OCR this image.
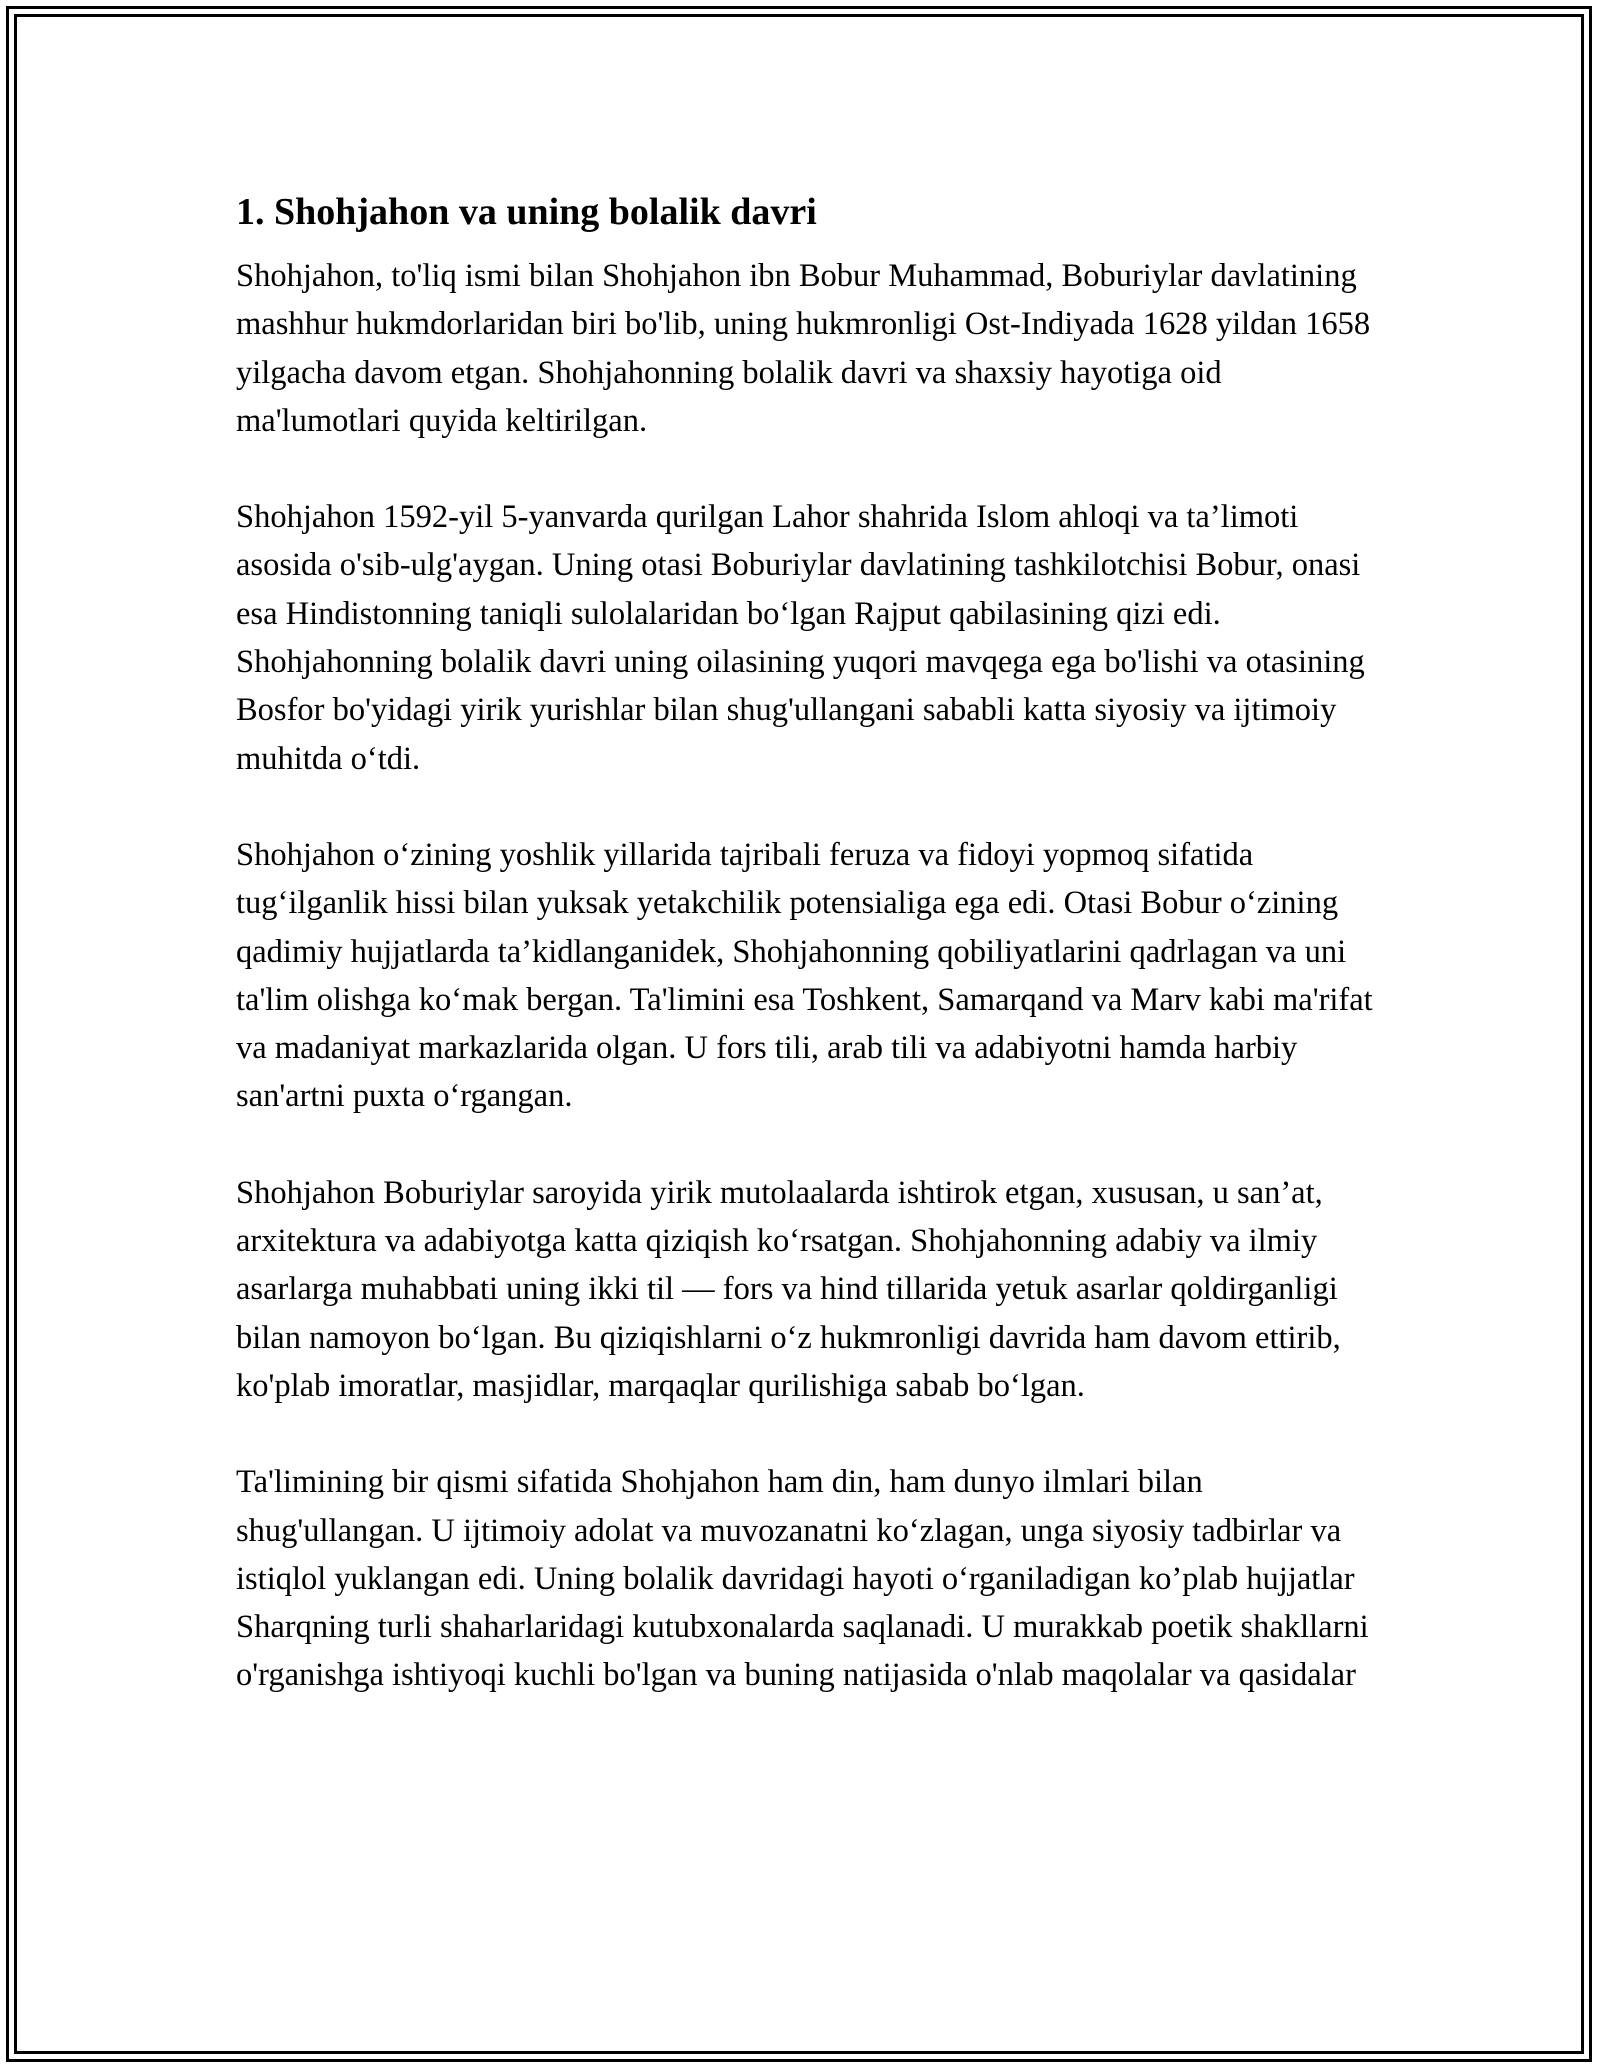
1. Shohjahon va uning bolalik davri

Shohjahon, to'liq ismi bilan Shohjahon ibn Bobur Muhammad, Boburiylar davlatining mashhur hukmdorlaridan biri bo'lib, uning hukmronligi Ost-Indiyada 1628 yildan 1658 yilgacha davom etgan. Shohjahonning bolalik davri va shaxsiy hayotiga oid ma'lumotlari quyida keltirilgan.

Shohjahon 1592-yil 5-yanvarda qurilgan Lahor shahrida Islom ahloqi va ta’limoti asosida o'sib-ulg'aygan. Uning otasi Boburiylar davlatining tashkilotchisi Bobur, onasi esa Hindistonning taniqli sulolalaridan bo‘lgan Rajput qabilasining qizi edi. Shohjahonning bolalik davri uning oilasining yuqori mavqega ega bo'lishi va otasining Bosfor bo'yidagi yirik yurishlar bilan shug'ullangani sababli katta siyosiy va ijtimoiy muhitda o‘tdi.

Shohjahon o‘zining yoshlik yillarida tajribali feruza va fidoyi yopmoq sifatida tug‘ilganlik hissi bilan yuksak yetakchilik potensialiga ega edi. Otasi Bobur o‘zining qadimiy hujjatlarda ta’kidlanganidek, Shohjahonning qobiliyatlarini qadrlagan va uni ta'lim olishga ko‘mak bergan. Ta'limini esa Toshkent, Samarqand va Marv kabi ma'rifat va madaniyat markazlarida olgan. U fors tili, arab tili va adabiyotni hamda harbiy san'artni puxta o‘rgangan.

Shohjahon Boburiylar saroyida yirik mutolaalarda ishtirok etgan, xususan, u san’at, arxitektura va adabiyotga katta qiziqish ko‘rsatgan. Shohjahonning adabiy va ilmiy asarlarga muhabbati uning ikki til — fors va hind tillarida yetuk asarlar qoldirganligi bilan namoyon bo‘lgan. Bu qiziqishlarni o‘z hukmronligi davrida ham davom ettirib, ko'plab imoratlar, masjidlar, marqaqlar qurilishiga sabab bo‘lgan.

Ta'limining bir qismi sifatida Shohjahon ham din, ham dunyo ilmlari bilan shug'ullangan. U ijtimoiy adolat va muvozanatni ko‘zlagan, unga siyosiy tadbirlar va istiqlol yuklangan edi. Uning bolalik davridagi hayoti o‘rganiladigan ko’plab hujjatlar Sharqning turli shaharlaridagi kutubxonalarda saqlanadi. U murakkab poetik shakllarni o'rganishga ishtiyoqi kuchli bo'lgan va buning natijasida o'nlab maqolalar va qasidalar
